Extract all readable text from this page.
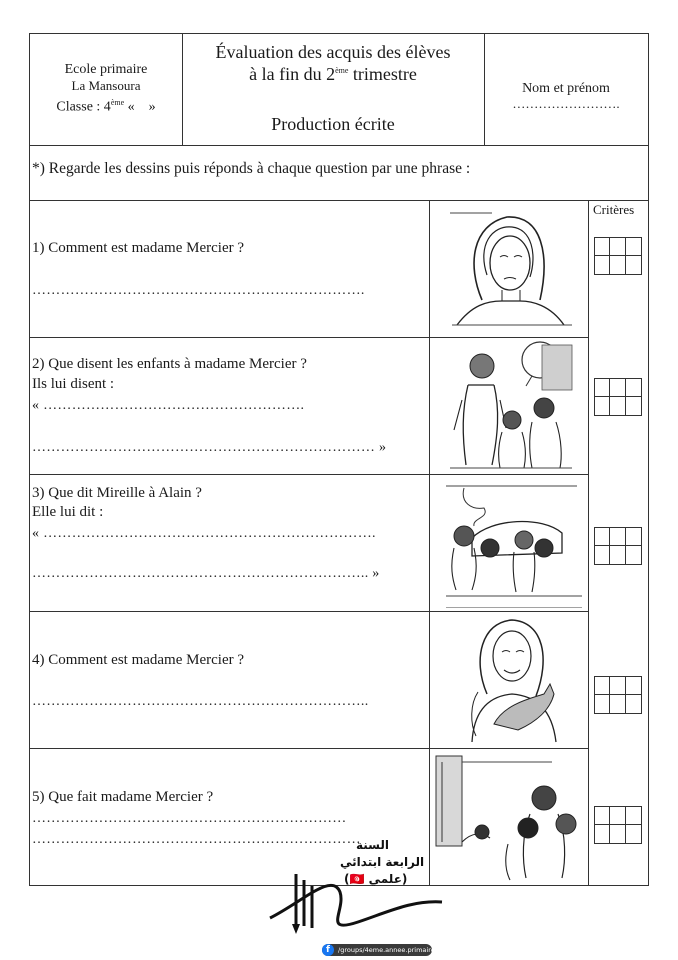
Ecole primaire
La Mansoura
Classe : 4ème «    »
Évaluation des acquis des élèves
à la fin du 2ème trimestre
Production écrite
Nom et prénom
…………………….
*) Regarde les dessins puis réponds à chaque question par une phrase :
Critères
1) Comment est madame Mercier ?
…………………………………………………………….
2) Que disent les enfants à madame Mercier ?
Ils lui disent :
« ……………………………………………….
……………………………………………………………… »
3) Que dit Mireille à Alain ?
Elle lui dit :
« …………………………………………………………….
…………………………………………………………….. »
4) Comment est madame Mercier ?
……………………………………………………………..
5) Que fait madame Mercier ?
…………………………………………………………
……………………………………………………………
السنة
الرابعة ابتدائي
(علمي 🇹🇳)
/groups/4eme.annee.primaire
f
